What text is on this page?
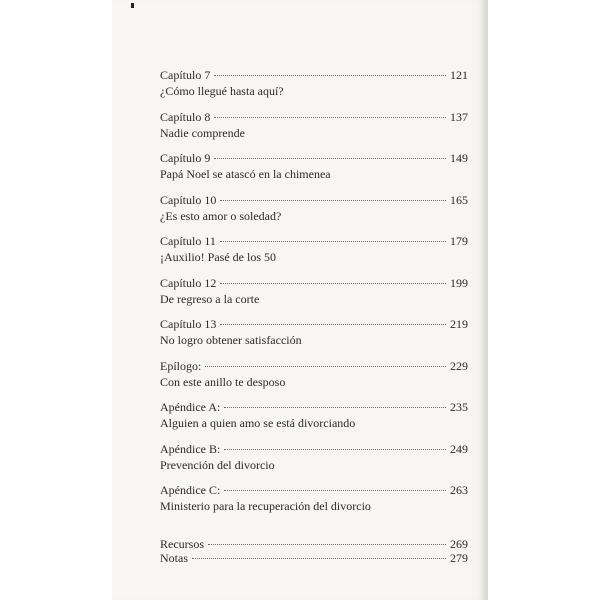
Capítulo 7	121
¿Cómo llegué hasta aquí?
Capítulo 8	137
Nadie comprende
Capítulo 9	149
Papá Noel se atascó en la chimenea
Capítulo 10	165
¿Es esto amor o soledad?
Capítulo 11	179
¡Auxilio! Pasé de los 50
Capítulo 12	199
De regreso a la corte
Capítulo 13	219
No logro obtener satisfacción
Epílogo:	229
Con este anillo te desposo
Apéndice A:	235
Alguien a quien amo se está divorciando
Apéndice B:	249
Prevención del divorcio
Apéndice C:	263
Ministerio para la recuperación del divorcio
Recursos	269
Notas	279
